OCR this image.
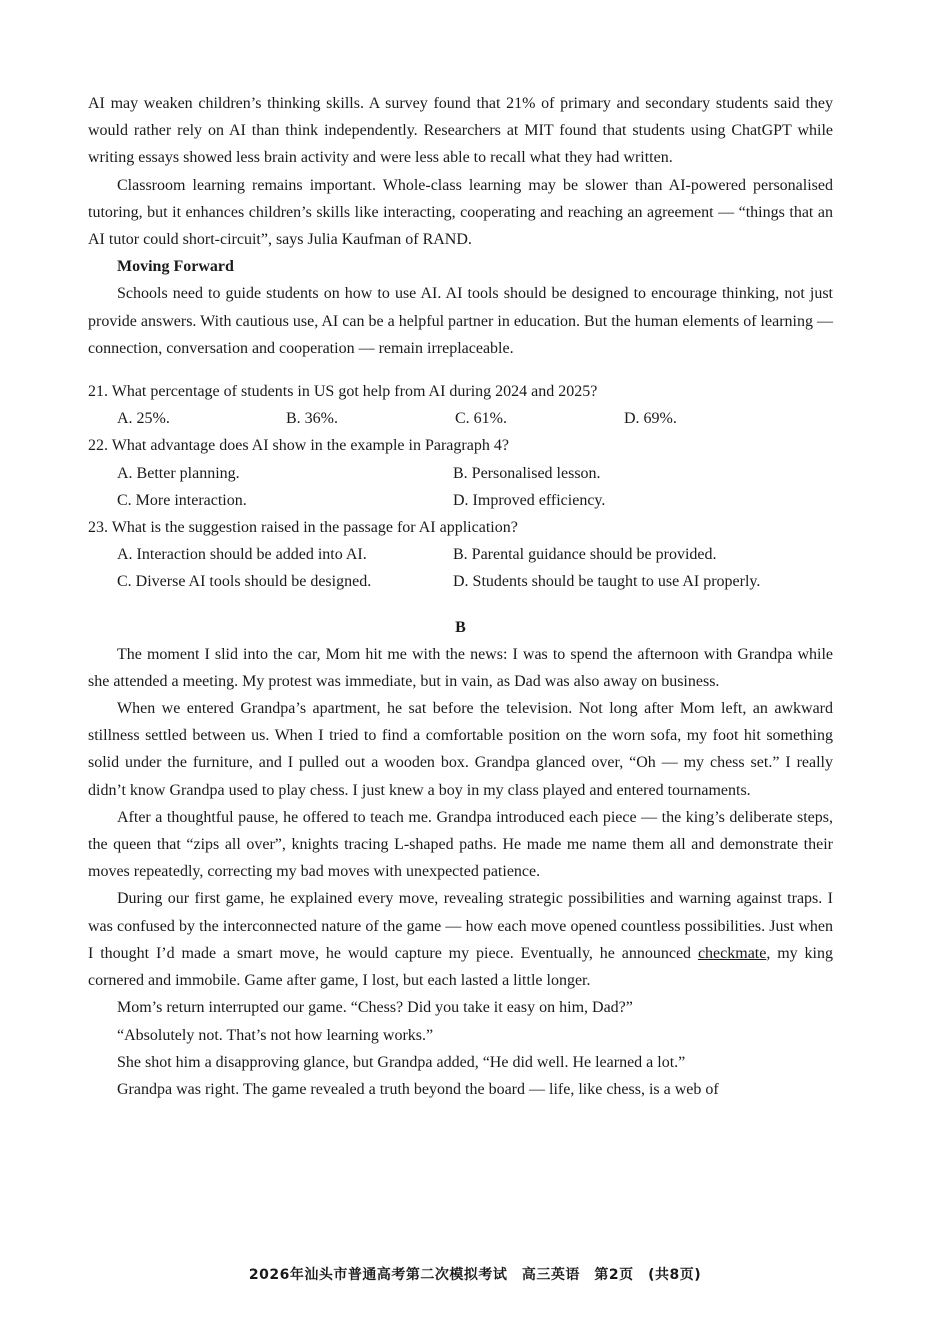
AI may weaken children’s thinking skills. A survey found that 21% of primary and secondary students said they would rather rely on AI than think independently. Researchers at MIT found that students using ChatGPT while writing essays showed less brain activity and were less able to recall what they had written.

Classroom learning remains important. Whole-class learning may be slower than AI-powered personalised tutoring, but it enhances children’s skills like interacting, cooperating and reaching an agreement — “things that an AI tutor could short-circuit”, says Julia Kaufman of RAND.

Moving Forward

Schools need to guide students on how to use AI. AI tools should be designed to encourage thinking, not just provide answers. With cautious use, AI can be a helpful partner in education. But the human elements of learning — connection, conversation and cooperation — remain irreplaceable.

21. What percentage of students in US got help from AI during 2024 and 2025?
A. 25%.	B. 36%.	C. 61%.	D. 69%.
22. What advantage does AI show in the example in Paragraph 4?
A. Better planning.	B. Personalised lesson.
C. More interaction.	D. Improved efficiency.
23. What is the suggestion raised in the passage for AI application?
A. Interaction should be added into AI.	B. Parental guidance should be provided.
C. Diverse AI tools should be designed.	D. Students should be taught to use AI properly.
B

The moment I slid into the car, Mom hit me with the news: I was to spend the afternoon with Grandpa while she attended a meeting. My protest was immediate, but in vain, as Dad was also away on business.

When we entered Grandpa’s apartment, he sat before the television. Not long after Mom left, an awkward stillness settled between us. When I tried to find a comfortable position on the worn sofa, my foot hit something solid under the furniture, and I pulled out a wooden box. Grandpa glanced over, “Oh — my chess set.” I really didn’t know Grandpa used to play chess. I just knew a boy in my class played and entered tournaments.

After a thoughtful pause, he offered to teach me. Grandpa introduced each piece — the king’s deliberate steps, the queen that “zips all over”, knights tracing L-shaped paths. He made me name them all and demonstrate their moves repeatedly, correcting my bad moves with unexpected patience.

During our first game, he explained every move, revealing strategic possibilities and warning against traps. I was confused by the interconnected nature of the game — how each move opened countless possibilities. Just when I thought I’d made a smart move, he would capture my piece. Eventually, he announced checkmate, my king cornered and immobile. Game after game, I lost, but each lasted a little longer.

Mom’s return interrupted our game. “Chess? Did you take it easy on him, Dad?”

“Absolutely not. That’s not how learning works.”

She shot him a disapproving glance, but Grandpa added, “He did well. He learned a lot.”

Grandpa was right. The game revealed a truth beyond the board — life, like chess, is a web of

2026年汕头市普通高考第二次模拟考试　高三英语　第2页　(共8页)
